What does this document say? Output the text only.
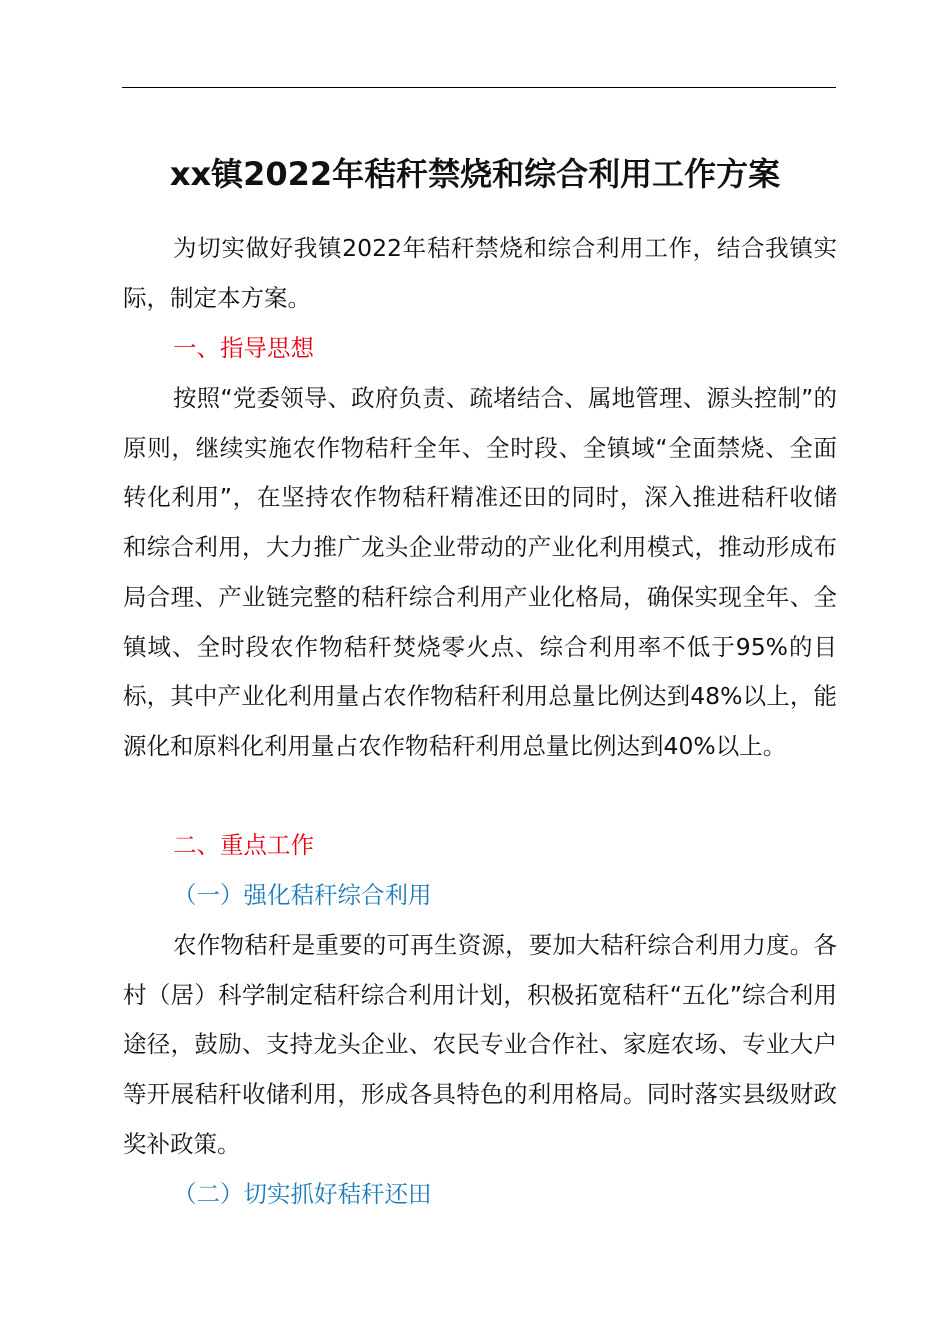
xx镇2022年秸秆禁烧和综合利用工作方案

为切实做好我镇2022年秸秆禁烧和综合利用工作，结合我镇实际，制定本方案。

一、指导思想

按照“党委领导、政府负责、疏堵结合、属地管理、源头控制”的原则，继续实施农作物秸秆全年、全时段、全镇域“全面禁烧、全面转化利用”，在坚持农作物秸秆精准还田的同时，深入推进秸秆收储和综合利用，大力推广龙头企业带动的产业化利用模式，推动形成布局合理、产业链完整的秸秆综合利用产业化格局，确保实现全年、全镇域、全时段农作物秸秆焚烧零火点、综合利用率不低于95%的目标，其中产业化利用量占农作物秸秆利用总量比例达到48%以上，能源化和原料化利用量占农作物秸秆利用总量比例达到40%以上。

二、重点工作
（一）强化秸秆综合利用

农作物秸秆是重要的可再生资源，要加大秸秆综合利用力度。各村（居）科学制定秸秆综合利用计划，积极拓宽秸秆“五化”综合利用途径，鼓励、支持龙头企业、农民专业合作社、家庭农场、专业大户等开展秸秆收储利用，形成各具特色的利用格局。同时落实县级财政奖补政策。

（二）切实抓好秸秆还田
